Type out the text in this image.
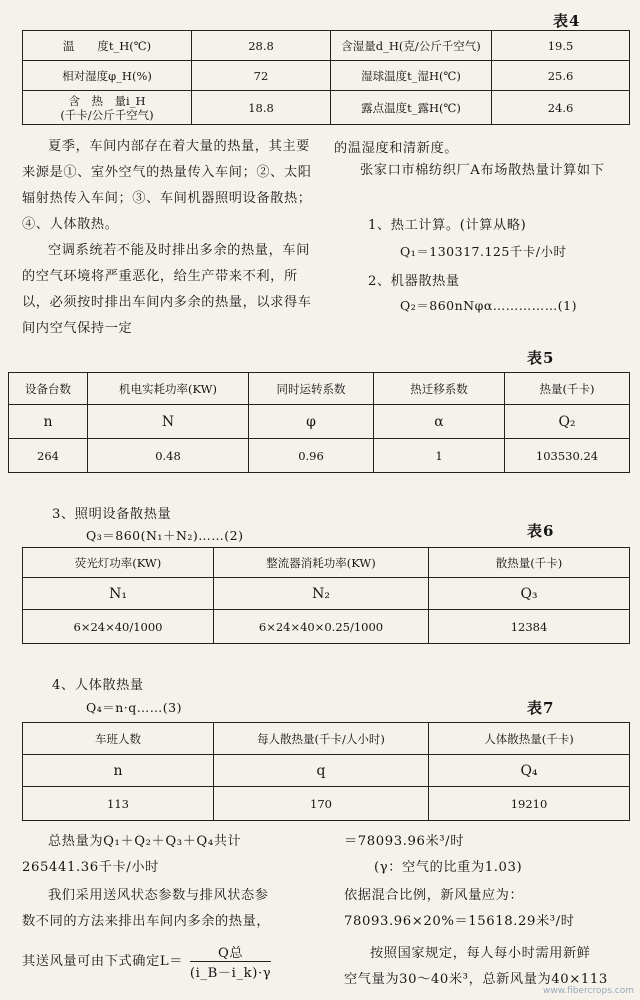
表4
温　　度t_H(℃)	28.8	含湿量d_H(克/公斤千空气)	19.5
相对湿度φ_H(%)	72	湿球温度t_湿H(℃)	25.6
含　热　量i_H
(千卡/公斤千空气)	18.8	露点温度t_露H(℃)	24.6
夏季，车间内部存在着大量的热量，其主要来源是①、室外空气的热量传入车间；②、太阳辐射热传入车间；③、车间机器照明设备散热；④、人体散热。
空调系统若不能及时排出多余的热量，车间的空气环境将严重恶化，给生产带来不利，所以，必须按时排出车间内多余的热量，以求得车间内空气保持一定
的温湿度和清新度。
张家口市棉纺织厂A布场散热量计算如下
1、热工计算。(计算从略)
Q₁＝130317.125千卡/小时
2、机器散热量
Q₂＝860nNφα……………(1)
表5
设备台数	机电实耗功率(KW)	同时运转系数	热迁移系数	热量(千卡)
n	N	φ	α	Q₂
264	0.48	0.96	1	103530.24
3、照明设备散热量
Q₃＝860(N₁＋N₂)……(2)	表6
荧光灯功率(KW)	整流器消耗功率(KW)	散热量(千卡)
N₁	N₂	Q₃
6×24×40/1000	6×24×40×0.25/1000	12384
4、人体散热量
Q₄＝n·q……(3)	表7
车班人数	每人散热量(千卡/人小时)	人体散热量(千卡)
n	q	Q₄
113	170	19210
总热量为Q₁＋Q₂＋Q₃＋Q₄共计
265441.36千卡/小时
我们采用送风状态参数与排风状态参
数不同的方法来排出车间内多余的热量，
其送风量可由下式确定$L= \frac{\text{Q总}}{(i\_B-i\_k)\cdot\gamma}$
＝78093.96米³/时
(γ：空气的比重为1.03)
依据混合比例，新风量应为：
78093.96×20%＝15618.29米³/时
按照国家规定，每人每小时需用新鲜
空气量为30～40米³，总新风量为40×113
www.fibercrops.com
